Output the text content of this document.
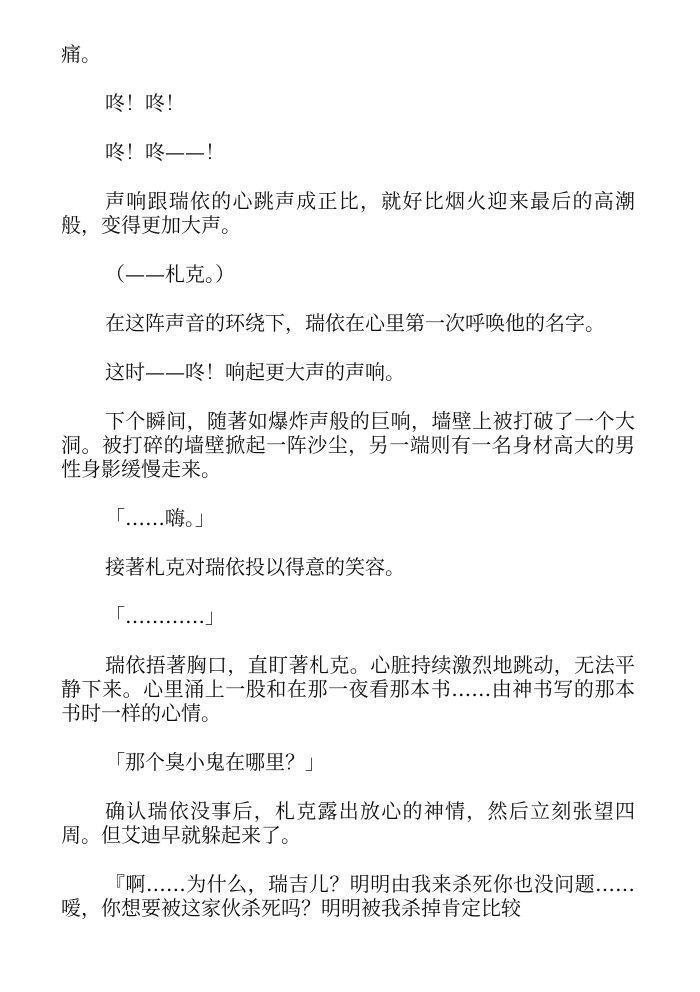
痛。

咚！咚！

咚！咚——！

声响跟瑞依的心跳声成正比，就好比烟火迎来最后的高潮般，变得更加大声。

（——札克。）

在这阵声音的环绕下，瑞依在心里第一次呼唤他的名字。

这时——咚！响起更大声的声响。

下个瞬间，随著如爆炸声般的巨响，墙壁上被打破了一个大洞。被打碎的墙壁掀起一阵沙尘，另一端则有一名身材高大的男性身影缓慢走来。

「……嗨。」

接著札克对瑞依投以得意的笑容。

「…………」

瑞依捂著胸口，直盯著札克。心脏持续激烈地跳动，无法平静下来。心里涌上一股和在那一夜看那本书……由神书写的那本书时一样的心情。

「那个臭小鬼在哪里？」

确认瑞依没事后，札克露出放心的神情，然后立刻张望四周。但艾迪早就躲起来了。

『啊……为什么，瑞吉儿？明明由我来杀死你也没问题……嗳，你想要被这家伙杀死吗？明明被我杀掉肯定比较
